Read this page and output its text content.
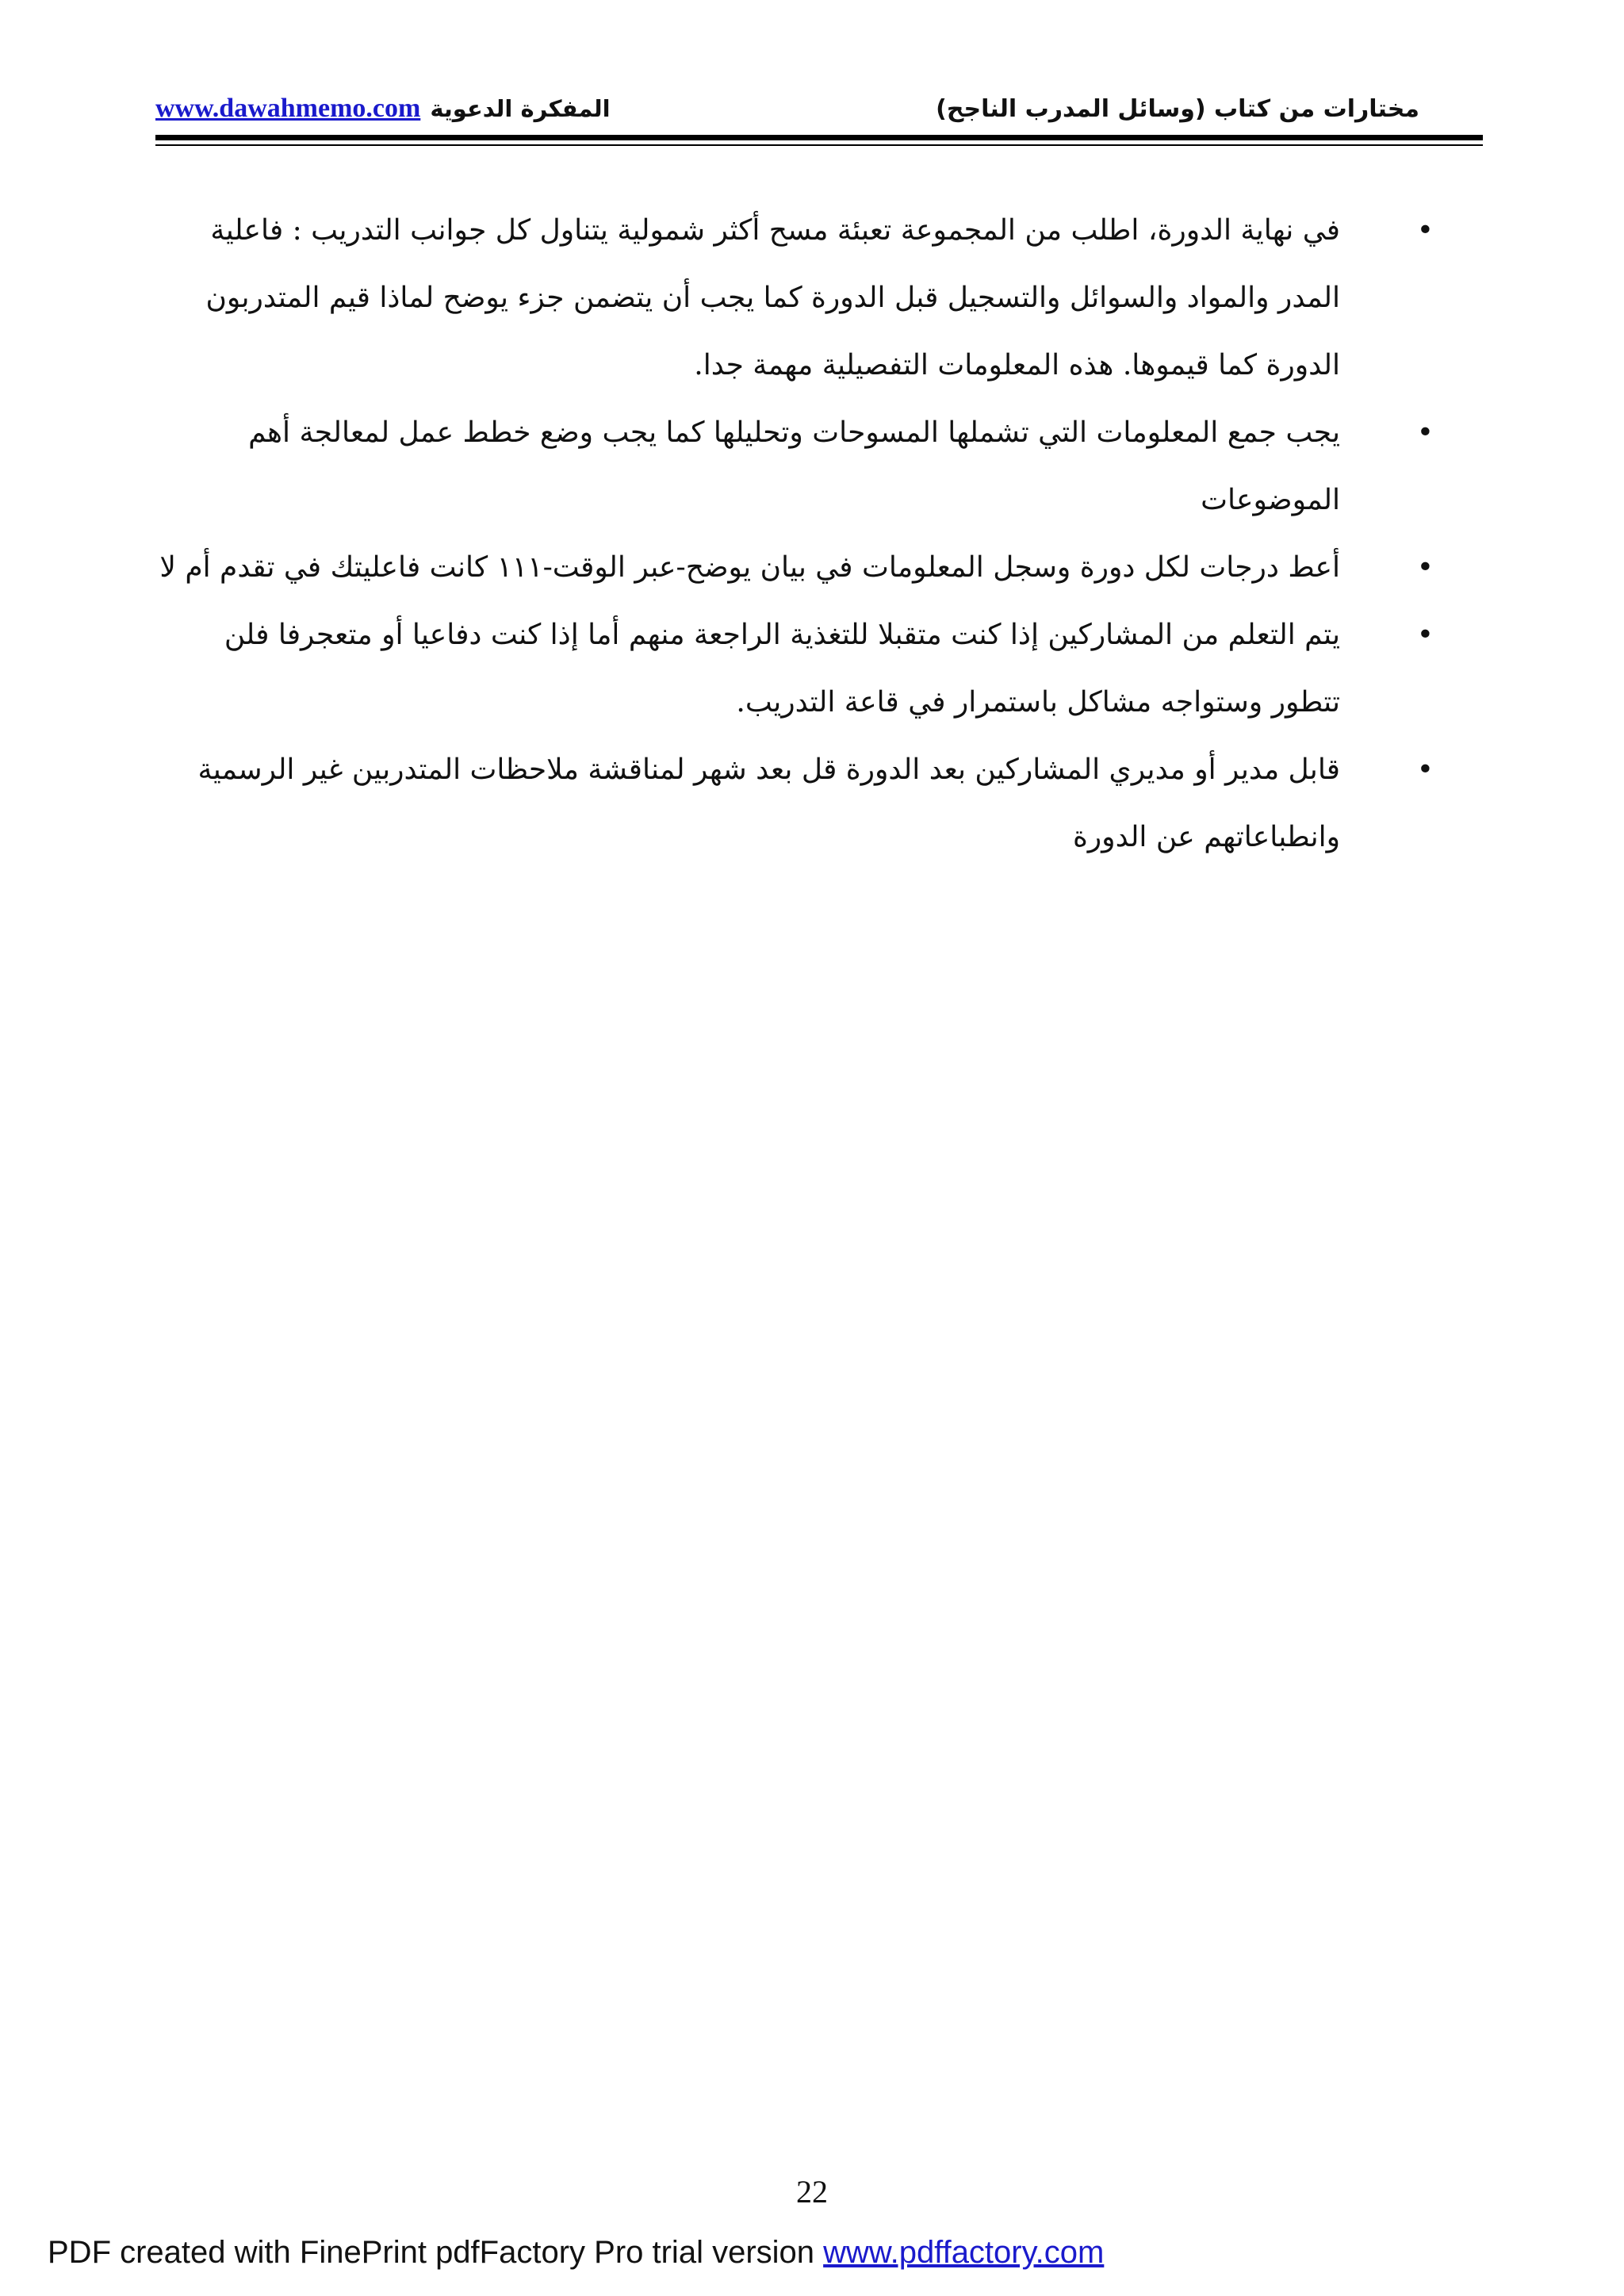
www.dawahmemo.com المفكرة الدعوية	مختارات من كتاب (وسائل المدرب الناجح)
•
في نهاية الدورة، اطلب من المجموعة تعبئة مسح أكثر شمولية يتناول كل جوانب التدريب : فاعلية المدر والمواد والسوائل والتسجيل قبل الدورة كما يجب أن يتضمن جزء يوضح لماذا قيم المتدربون الدورة كما قيموها. هذه المعلومات التفصيلية مهمة جدا.
•
يجب جمع المعلومات التي تشملها المسوحات وتحليلها كما يجب وضع خطط عمل لمعالجة أهم الموضوعات
•
أعط درجات لكل دورة وسجل المعلومات في بيان يوضح-عبر الوقت-١١١ كانت فاعليتك في تقدم أم لا
•
يتم التعلم من المشاركين إذا كنت متقبلا للتغذية الراجعة منهم أما إذا كنت دفاعيا أو متعجرفا فلن تتطور وستواجه مشاكل باستمرار في قاعة التدريب.
•
قابل مدير أو مديري المشاركين بعد الدورة قل بعد شهر لمناقشة ملاحظات المتدربين غير الرسمية وانطباعاتهم عن الدورة
22
PDF created with FinePrint pdfFactory Pro trial version www.pdffactory.com
